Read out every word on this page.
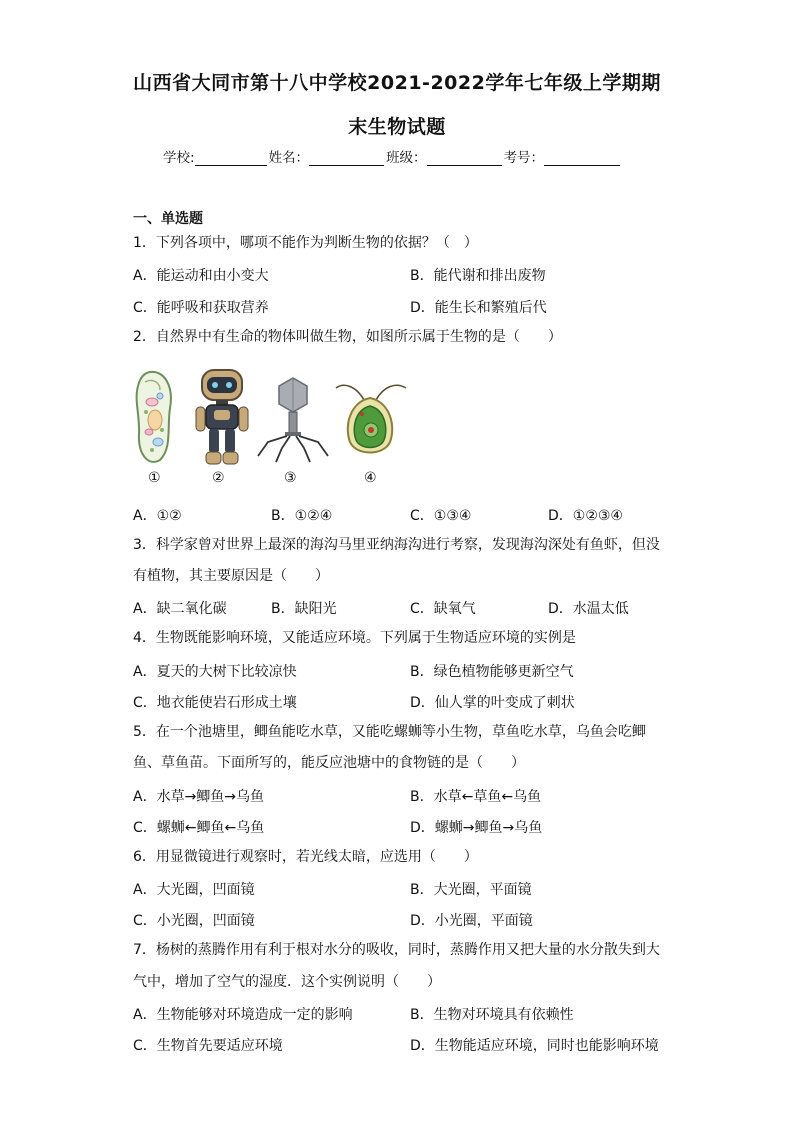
山西省大同市第十八中学校2021-2022学年七年级上学期期
末生物试题
学校:	姓名：	班级：	考号：
一、单选题
1．下列各项中，哪项不能作为判断生物的依据？（　）
A．能运动和由小变大	B．能代谢和排出废物
C．能呼吸和获取营养	D．能生长和繁殖后代
2．自然界中有生命的物体叫做生物，如图所示属于生物的是（　　）
①	②	③	④
A．①②	B．①②④	C．①③④	D．①②③④
3．科学家曾对世界上最深的海沟马里亚纳海沟进行考察，发现海沟深处有鱼虾，但没
有植物，其主要原因是（　　）
A．缺二氧化碳	B．缺阳光	C．缺氧气	D．水温太低
4．生物既能影响环境，又能适应环境。下列属于生物适应环境的实例是
A．夏天的大树下比较凉快	B．绿色植物能够更新空气
C．地衣能使岩石形成土壤	D．仙人掌的叶变成了刺状
5．在一个池塘里，鲫鱼能吃水草，又能吃螺蛳等小生物，草鱼吃水草，乌鱼会吃鲫
鱼、草鱼苗。下面所写的，能反应池塘中的食物链的是（　　）
A．水草→鲫鱼→乌鱼	B．水草←草鱼←乌鱼
C．螺蛳←鲫鱼←乌鱼	D．螺蛳→鲫鱼→乌鱼
6．用显微镜进行观察时，若光线太暗，应选用（　　）
A．大光圈，凹面镜	B．大光圈，平面镜
C．小光圈，凹面镜	D．小光圈，平面镜
7．杨树的蒸腾作用有利于根对水分的吸收，同时，蒸腾作用又把大量的水分散失到大
气中，增加了空气的湿度．这个实例说明（　　）
A．生物能够对环境造成一定的影响	B．生物对环境具有依赖性
C．生物首先要适应环境	D．生物能适应环境，同时也能影响环境
